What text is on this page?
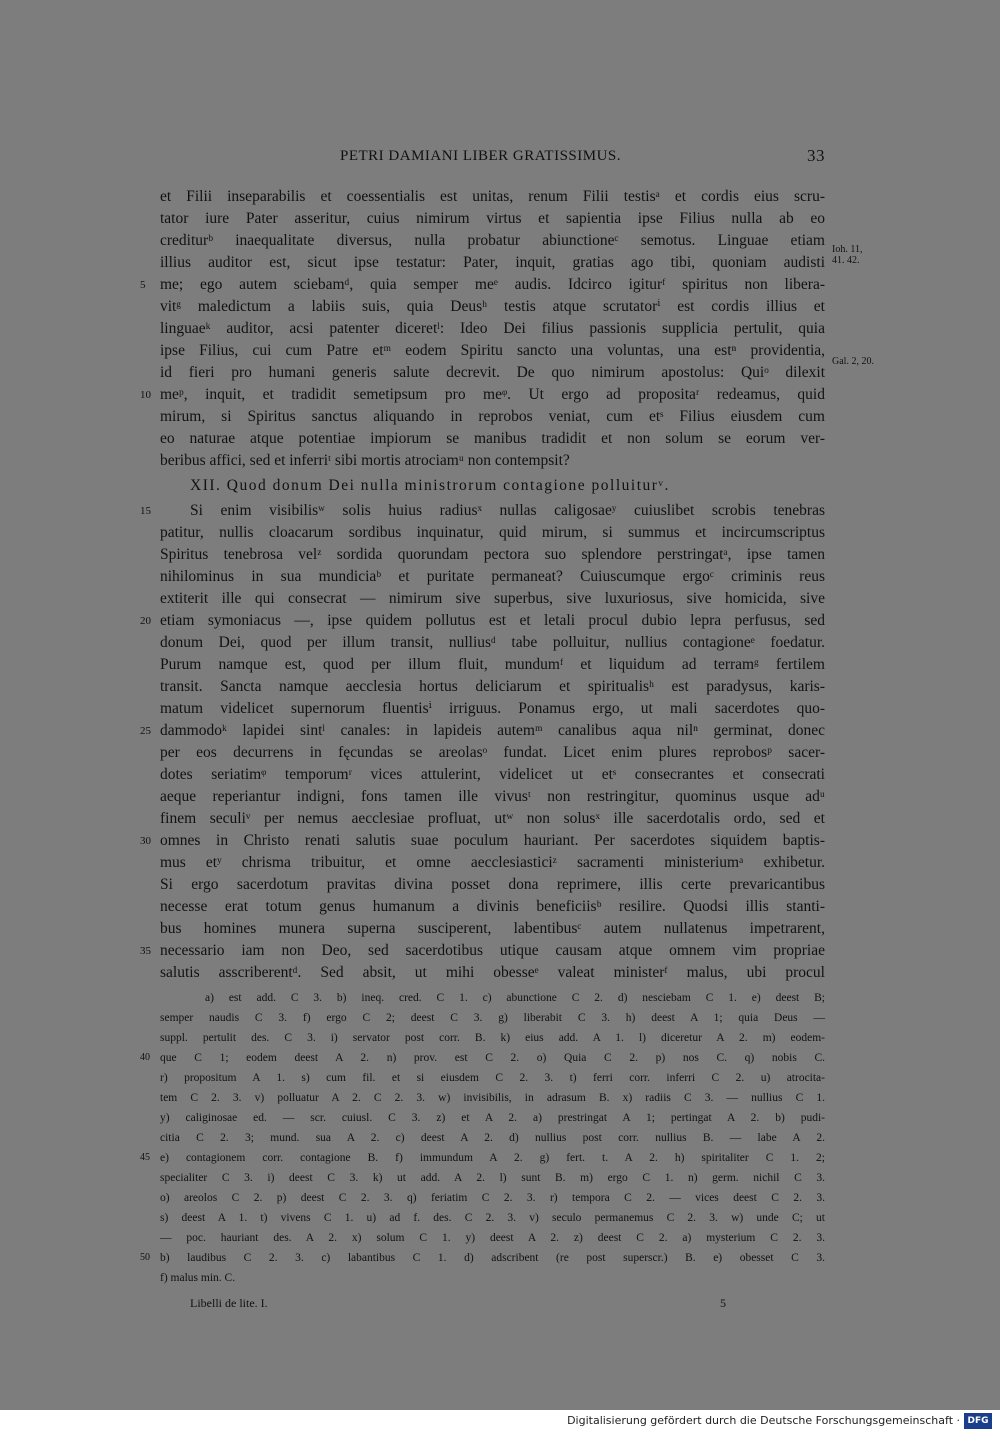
PETRI DAMIANI LIBER GRATISSIMUS.	33
Ioh. 11, 41. 42.
Gal. 2, 20.
et Filii inseparabilis et coessentialis est unitas, renum Filii testisᵃ et cordis eius scru-
tator iure Pater asseritur, cuius nimirum virtus et sapientia ipse Filius nulla ab eo
crediturᵇ inaequalitate diversus, nulla probatur abiunctioneᶜ semotus. Linguae etiam
illius auditor est, sicut ipse testatur: Pater, inquit, gratias ago tibi, quoniam audisti
me; ego autem sciebamᵈ, quia semper meᵉ audis. Idcirco igiturᶠ spiritus non libera-
vitᵍ maledictum a labiis suis, quia Deusʰ testis atque scrutatorⁱ est cordis illius et
linguaeᵏ auditor, acsi patenter diceretˡ: Ideo Dei filius passionis supplicia pertulit, quia
ipse Filius, cui cum Patre etᵐ eodem Spiritu sancto una voluntas, una estⁿ providentia,
id fieri pro humani generis salute decrevit. De quo nimirum apostolus: Quiᵒ dilexit
meᵖ, inquit, et tradidit semetipsum pro meᵠ. Ut ergo ad propositaʳ redeamus, quid
mirum, si Spiritus sanctus aliquando in reprobos veniat, cum etˢ Filius eiusdem cum
eo naturae atque potentiae impiorum se manibus tradidit et non solum se eorum ver-
beribus affici, sed et inferriᵗ sibi mortis atrociamᵘ non contempsit?
XII. Quod donum Dei nulla ministrorum contagione polluiturᵛ.
Si enim visibilisʷ solis huius radiusˣ nullas caligosaeʸ cuiuslibet scrobis tenebras
patitur, nullis cloacarum sordibus inquinatur, quid mirum, si summus et incircumscriptus
Spiritus tenebrosa velᶻ sordida quorundam pectora suo splendore perstringatᵃ, ipse tamen
nihilominus in sua mundiciaᵇ et puritate permaneat? Cuiuscumque ergoᶜ criminis reus
extiterit ille qui consecrat — nimirum sive superbus, sive luxuriosus, sive homicida, sive
etiam symoniacus —, ipse quidem pollutus est et letali procul dubio lepra perfusus, sed
donum Dei, quod per illum transit, nulliusᵈ tabe polluitur, nullius contagioneᵉ foedatur.
Purum namque est, quod per illum fluit, mundumᶠ et liquidum ad terramᵍ fertilem
transit. Sancta namque aecclesia hortus deliciarum et spiritualisʰ est paradysus, karis-
matum videlicet supernorum fluentisⁱ irriguus. Ponamus ergo, ut mali sacerdotes quo-
dammodoᵏ lapidei sintˡ canales: in lapideis autemᵐ canalibus aqua nilⁿ germinat, donec
per eos decurrens in fęcundas se areolasᵒ fundat. Licet enim plures reprobosᵖ sacer-
dotes seriatimᵠ temporumʳ vices attulerint, videlicet ut etˢ consecrantes et consecrati
aeque reperiantur indigni, fons tamen ille vivusᵗ non restringitur, quominus usque adᵘ
finem seculiᵛ per nemus aecclesiae profluat, utʷ non solusˣ ille sacerdotalis ordo, sed et
omnes in Christo renati salutis suae poculum hauriant. Per sacerdotes siquidem baptis-
mus etʸ chrisma tribuitur, et omne aecclesiasticiᶻ sacramenti ministeriumᵃ exhibetur.
Si ergo sacerdotum pravitas divina posset dona reprimere, illis certe prevaricantibus
necesse erat totum genus humanum a divinis beneficiisᵇ resilire. Quodsi illis stanti-
bus homines munera superna susciperent, labentibusᶜ autem nullatenus impetrarent,
necessario iam non Deo, sed sacerdotibus utique causam atque omnem vim propriae
salutis asscriberentᵈ. Sed absit, ut mihi obesseᵉ valeat ministerᶠ malus, ubi procul
5
10
15
20
25
30
35
a) est add. C 3. b) ineq. cred. C 1. c) abunctione C 2. d) nesciebam C 1. e) deest B;
semper naudis C 3. f) ergo C 2; deest C 3. g) liberabit C 3. h) deest A 1; quia Deus —
suppl. pertulit des. C 3. i) servator post corr. B. k) eius add. A 1. l) diceretur A 2. m) eodem-
que C 1; eodem deest A 2. n) prov. est C 2. o) Quia C 2. p) nos C. q) nobis C.
r) propositum A 1. s) cum fil. et si eiusdem C 2. 3. t) ferri corr. inferri C 2. u) atrocita-
tem C 2. 3. v) polluatur A 2. C 2. 3. w) invisibilis, in adrasum B. x) radiis C 3. — nullius C 1.
y) caliginosae ed. — scr. cuiusl. C 3. z) et A 2. a) prestringat A 1; pertingat A 2. b) pudi-
citia C 2. 3; mund. sua A 2. c) deest A 2. d) nullius post corr. nullius B. — labe A 2.
e) contagionem corr. contagione B. f) immundum A 2. g) fert. t. A 2. h) spiritaliter C 1. 2;
specialiter C 3. i) deest C 3. k) ut add. A 2. l) sunt B. m) ergo C 1. n) germ. nichil C 3.
o) areolos C 2. p) deest C 2. 3. q) feriatim C 2. 3. r) tempora C 2. — vices deest C 2. 3.
s) deest A 1. t) vivens C 1. u) ad f. des. C 2. 3. v) seculo permanemus C 2. 3. w) unde C; ut
— poc. hauriant des. A 2. x) solum C 1. y) deest A 2. z) deest C 2. a) mysterium C 2. 3.
b) laudibus C 2. 3. c) labantibus C 1. d) adscribent (re post superscr.) B. e) obesset C 3.
f) malus min. C.
40
45
50
Libelli de lite. I.	5
Digitalisierung gefördert durch die Deutsche Forschungsgemeinschaft · DFG
